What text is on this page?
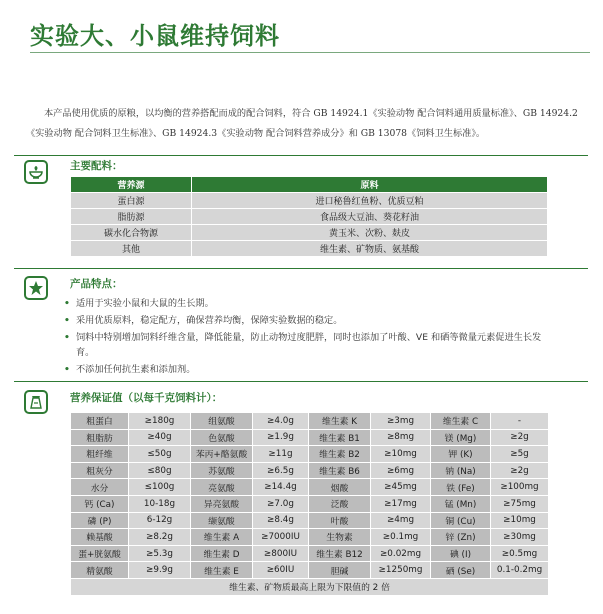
实验大、小鼠维持饲料

本产品使用优质的原粮，以均衡的营养搭配而成的配合饲料，符合 GB 14924.1《实验动物 配合饲料通用质量标准》、GB 14924.2《实验动物 配合饲料卫生标准》、GB 14924.3《实验动物 配合饲料营养成分》和 GB 13078《饲料卫生标准》。

主要配料：
营养源	原料
蛋白源	进口秘鲁红鱼粉、优质豆粕
脂肪源	食品级大豆油、葵花籽油
碳水化合物源	黄玉米、次粉、麸皮
其他	维生素、矿物质、氨基酸
产品特点：
• 适用于实验小鼠和大鼠的生长期。
• 采用优质原料，稳定配方，确保营养均衡，保障实验数据的稳定。
• 饲料中特别增加饲料纤维含量，降低能量，防止动物过度肥胖，同时也添加了叶酸、VE 和硒等微量元素促进生长发育。
• 不添加任何抗生素和添加剂。
营养保证值（以每千克饲料计）：
粗蛋白	≥180g	组氨酸	≥4.0g	维生素 K	≥3mg	维生素 C	-
粗脂肪	≥40g	色氨酸	≥1.9g	维生素 B1	≥8mg	镁 (Mg)	≥2g
粗纤维	≤50g	苯丙+酪氨酸	≥11g	维生素 B2	≥10mg	钾 (K)	≥5g
粗灰分	≤80g	苏氨酸	≥6.5g	维生素 B6	≥6mg	钠 (Na)	≥2g
水分	≤100g	亮氨酸	≥14.4g	烟酸	≥45mg	铁 (Fe)	≥100mg
钙 (Ca)	10-18g	异亮氨酸	≥7.0g	泛酸	≥17mg	锰 (Mn)	≥75mg
磷 (P)	6-12g	缬氨酸	≥8.4g	叶酸	≥4mg	铜 (Cu)	≥10mg
赖基酸	≥8.2g	维生素 A	≥7000IU	生物素	≥0.1mg	锌 (Zn)	≥30mg
蛋+胱氨酸	≥5.3g	维生素 D	≥800IU	维生素 B12	≥0.02mg	碘 (I)	≥0.5mg
精氨酸	≥9.9g	维生素 E	≥60IU	胆碱	≥1250mg	硒 (Se)	0.1-0.2mg
维生素、矿物质最高上限为下限值的 2 倍							
